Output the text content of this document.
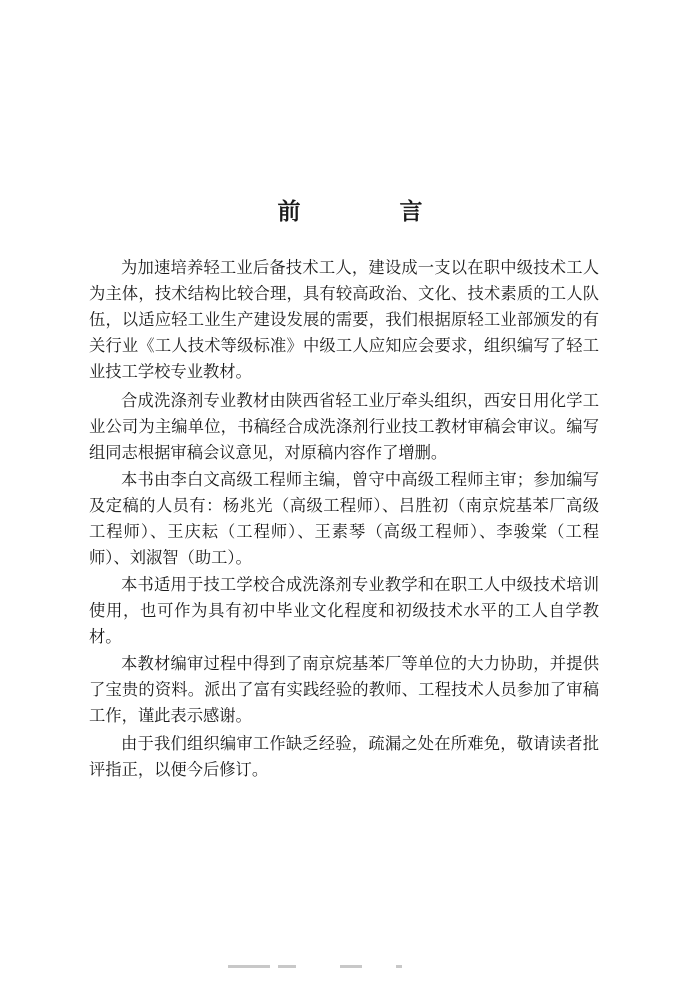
前　言

为加速培养轻工业后备技术工人，建设成一支以在职中级技术工人为主体，技术结构比较合理，具有较高政治、文化、技术素质的工人队伍，以适应轻工业生产建设发展的需要，我们根据原轻工业部颁发的有关行业《工人技术等级标准》中级工人应知应会要求，组织编写了轻工业技工学校专业教材。

合成洗涤剂专业教材由陕西省轻工业厅牵头组织，西安日用化学工业公司为主编单位，书稿经合成洗涤剂行业技工教材审稿会审议。编写组同志根据审稿会议意见，对原稿内容作了增删。

本书由李白文高级工程师主编，曾守中高级工程师主审；参加编写及定稿的人员有：杨兆光（高级工程师）、吕胜初（南京烷基苯厂高级工程师）、王庆耘（工程师）、王素琴（高级工程师）、李骏棠（工程师）、刘淑智（助工）。

本书适用于技工学校合成洗涤剂专业教学和在职工人中级技术培训使用，也可作为具有初中毕业文化程度和初级技术水平的工人自学教材。

本教材编审过程中得到了南京烷基苯厂等单位的大力协助，并提供了宝贵的资料。派出了富有实践经验的教师、工程技术人员参加了审稿工作，谨此表示感谢。

由于我们组织编审工作缺乏经验，疏漏之处在所难免，敬请读者批评指正，以便今后修订。
